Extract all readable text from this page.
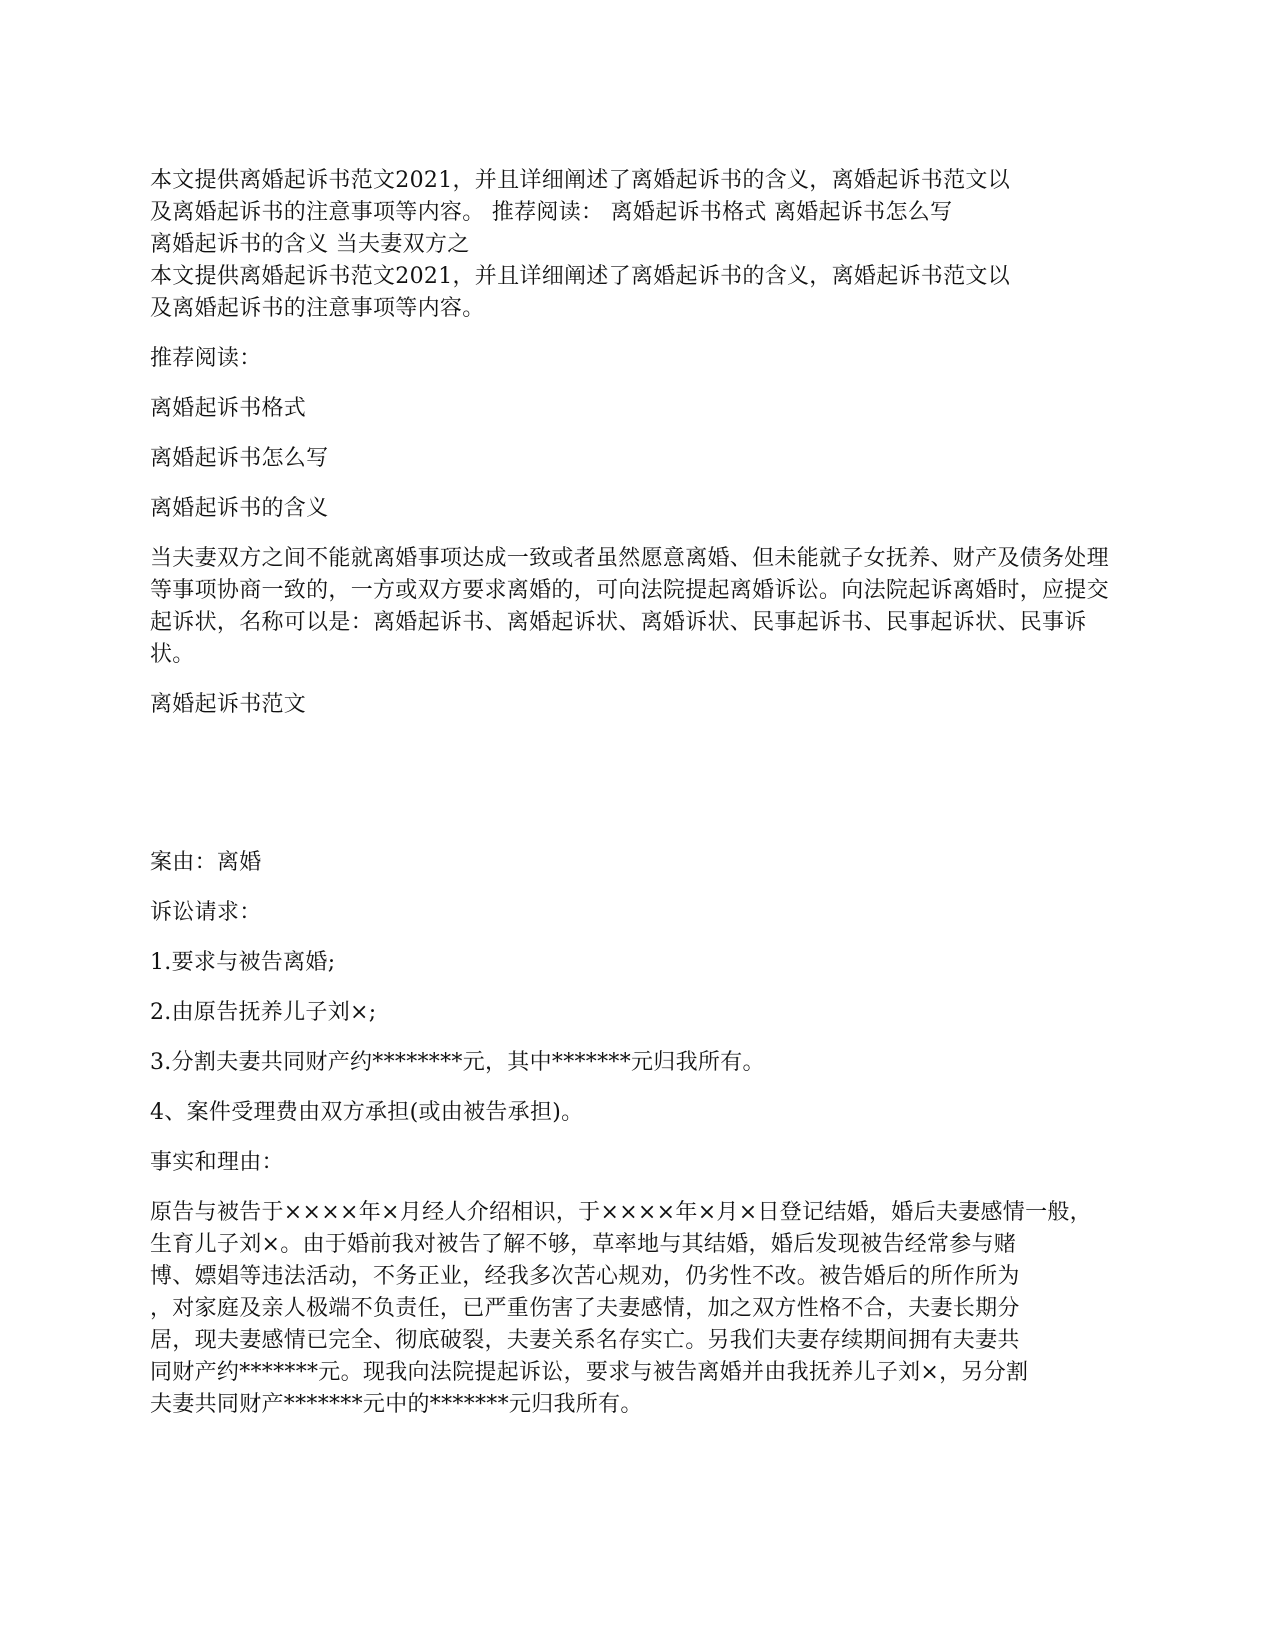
本文提供离婚起诉书范文2021，并且详细阐述了离婚起诉书的含义，离婚起诉书范文以

及离婚起诉书的注意事项等内容。 推荐阅读： 离婚起诉书格式 离婚起诉书怎么写

离婚起诉书的含义 当夫妻双方之

本文提供离婚起诉书范文2021，并且详细阐述了离婚起诉书的含义，离婚起诉书范文以

及离婚起诉书的注意事项等内容。

推荐阅读：

离婚起诉书格式

离婚起诉书怎么写

离婚起诉书的含义

当夫妻双方之间不能就离婚事项达成一致或者虽然愿意离婚、但未能就子女抚养、财产及债务处理等事项协商一致的，一方或双方要求离婚的，可向法院提起离婚诉讼。向法院起诉离婚时，应提交起诉状，名称可以是：离婚起诉书、离婚起诉状、离婚诉状、民事起诉书、民事起诉状、民事诉状。

离婚起诉书范文

案由：离婚

诉讼请求：

1.要求与被告离婚;

2.由原告抚养儿子刘×;

3.分割夫妻共同财产约********元，其中*******元归我所有。

4、案件受理费由双方承担(或由被告承担)。

事实和理由：

原告与被告于××××年×月经人介绍相识，于××××年×月×日登记结婚，婚后夫妻感情一般，

生育儿子刘×。由于婚前我对被告了解不够，草率地与其结婚，婚后发现被告经常参与赌

博、嫖娼等违法活动，不务正业，经我多次苦心规劝，仍劣性不改。被告婚后的所作所为

，对家庭及亲人极端不负责任，已严重伤害了夫妻感情，加之双方性格不合，夫妻长期分

居，现夫妻感情已完全、彻底破裂，夫妻关系名存实亡。另我们夫妻存续期间拥有夫妻共

同财产约*******元。现我向法院提起诉讼，要求与被告离婚并由我抚养儿子刘×，另分割

夫妻共同财产*******元中的*******元归我所有。
